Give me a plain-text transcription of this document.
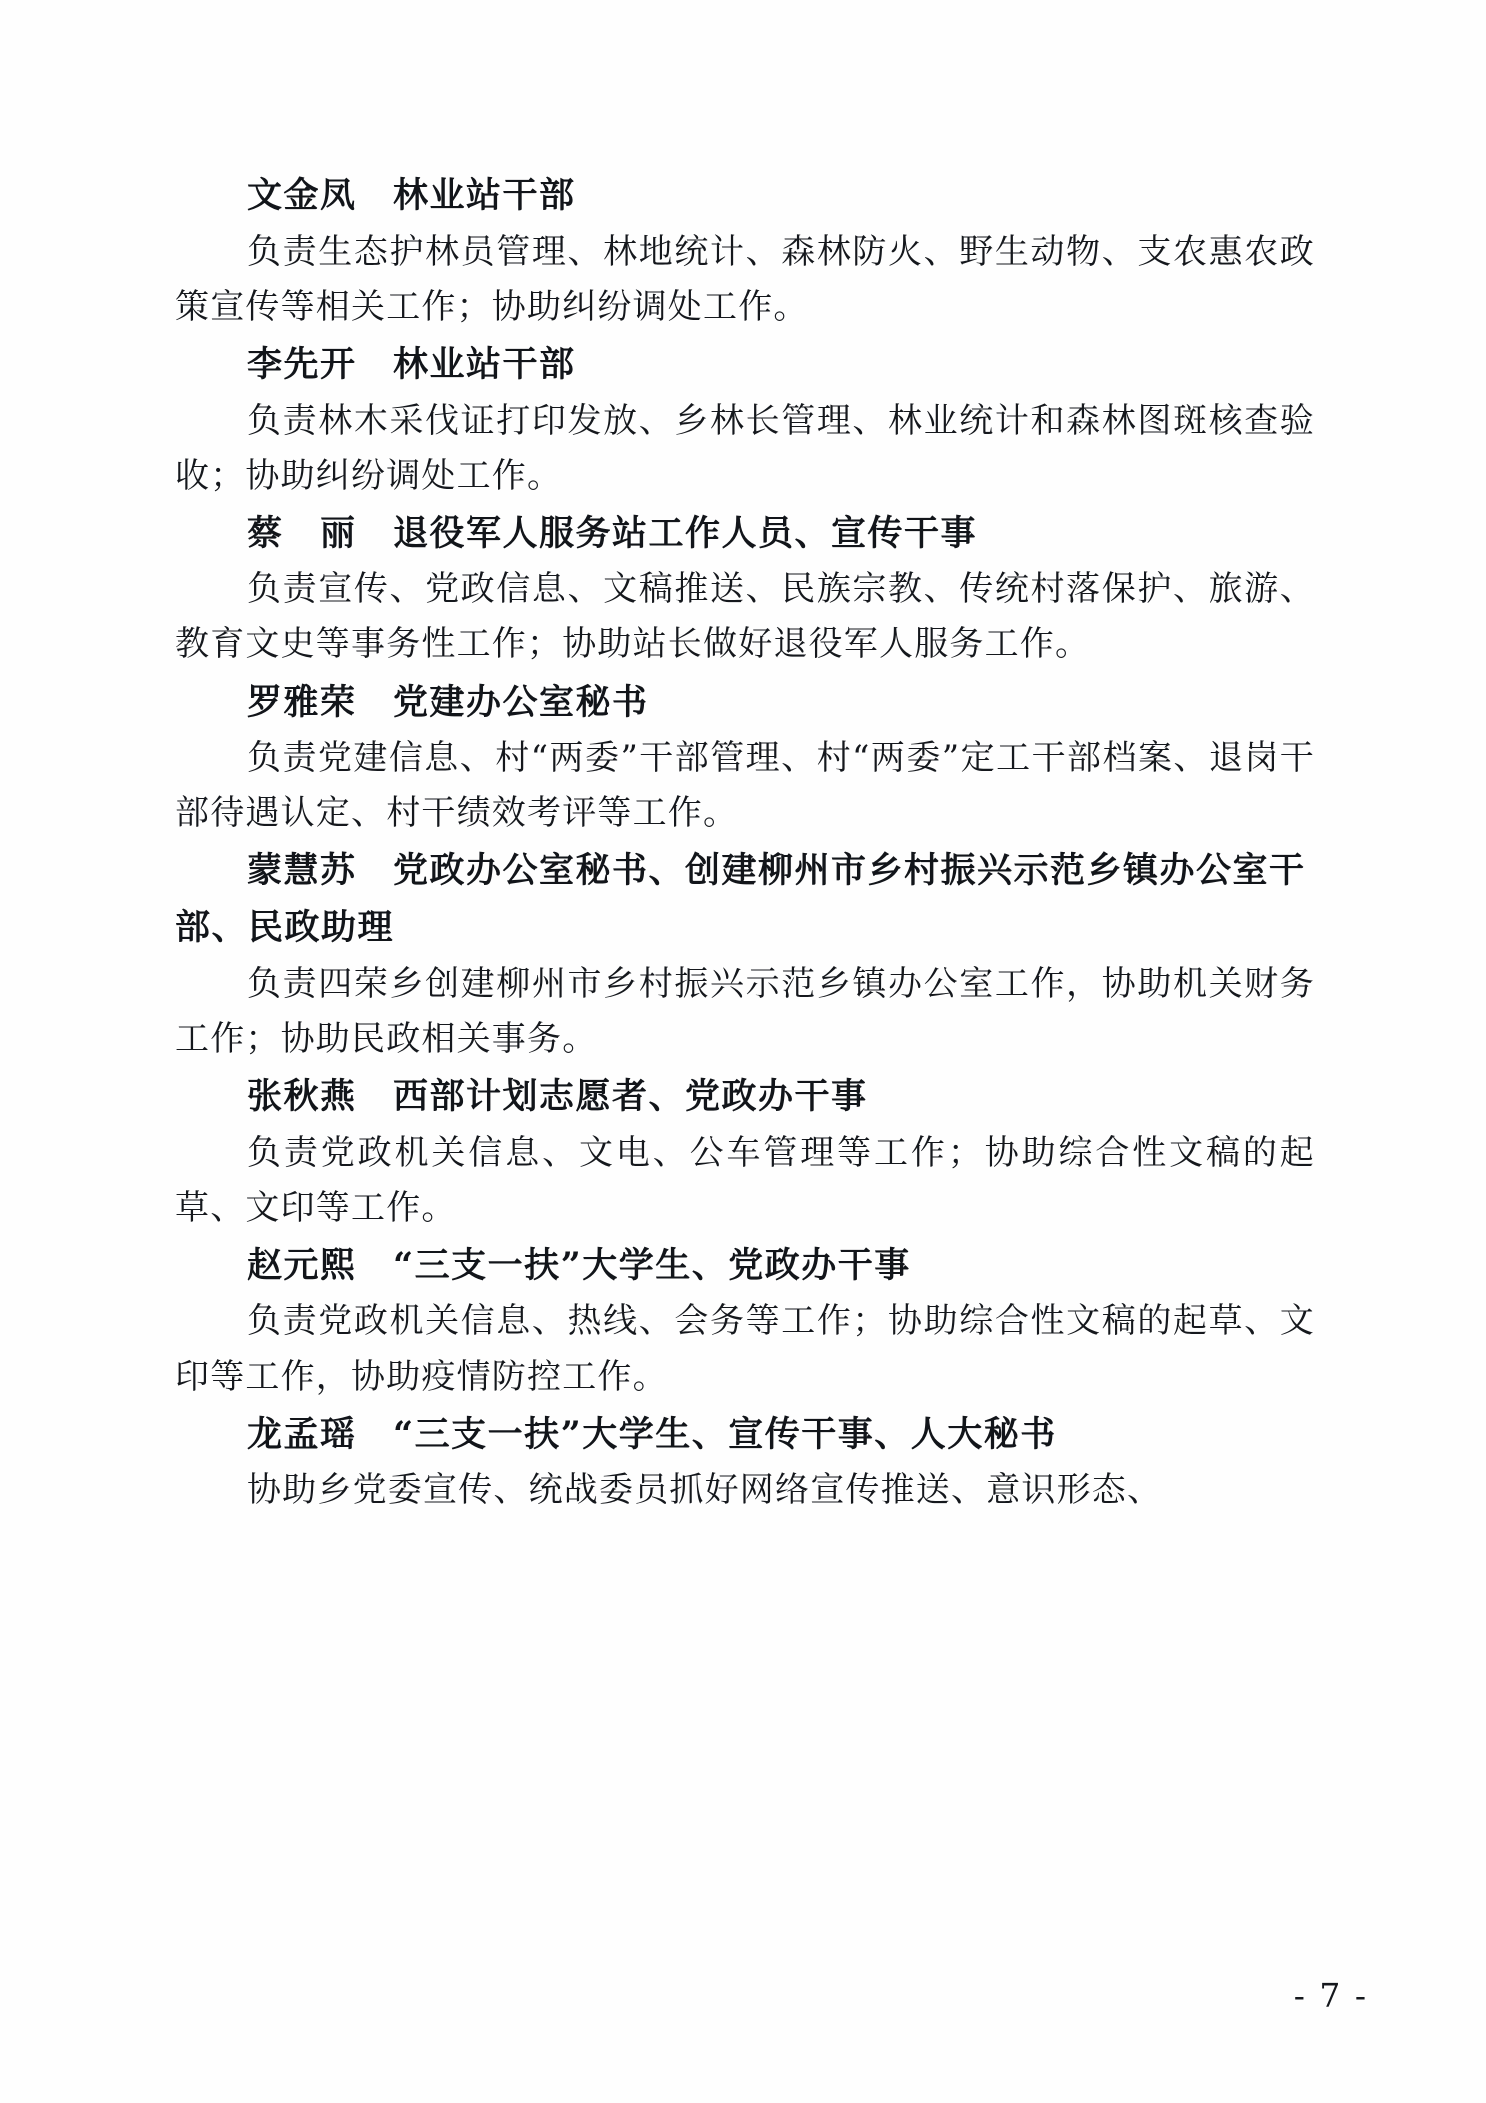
文金凤　林业站干部

负责生态护林员管理、林地统计、森林防火、野生动物、支农惠农政策宣传等相关工作；协助纠纷调处工作。

李先开　林业站干部

负责林木采伐证打印发放、乡林长管理、林业统计和森林图斑核查验收；协助纠纷调处工作。

蔡　丽　退役军人服务站工作人员、宣传干事

负责宣传、党政信息、文稿推送、民族宗教、传统村落保护、旅游、教育文史等事务性工作；协助站长做好退役军人服务工作。

罗雅荣　党建办公室秘书

负责党建信息、村“两委”干部管理、村“两委”定工干部档案、退岗干部待遇认定、村干绩效考评等工作。

蒙慧苏　党政办公室秘书、创建柳州市乡村振兴示范乡镇办公室干部、民政助理

负责四荣乡创建柳州市乡村振兴示范乡镇办公室工作，协助机关财务工作；协助民政相关事务。

张秋燕　西部计划志愿者、党政办干事

负责党政机关信息、文电、公车管理等工作；协助综合性文稿的起草、文印等工作。

赵元熙　“三支一扶”大学生、党政办干事

负责党政机关信息、热线、会务等工作；协助综合性文稿的起草、文印等工作，协助疫情防控工作。

龙孟瑶　“三支一扶”大学生、宣传干事、人大秘书

协助乡党委宣传、统战委员抓好网络宣传推送、意识形态、

- 7 -
